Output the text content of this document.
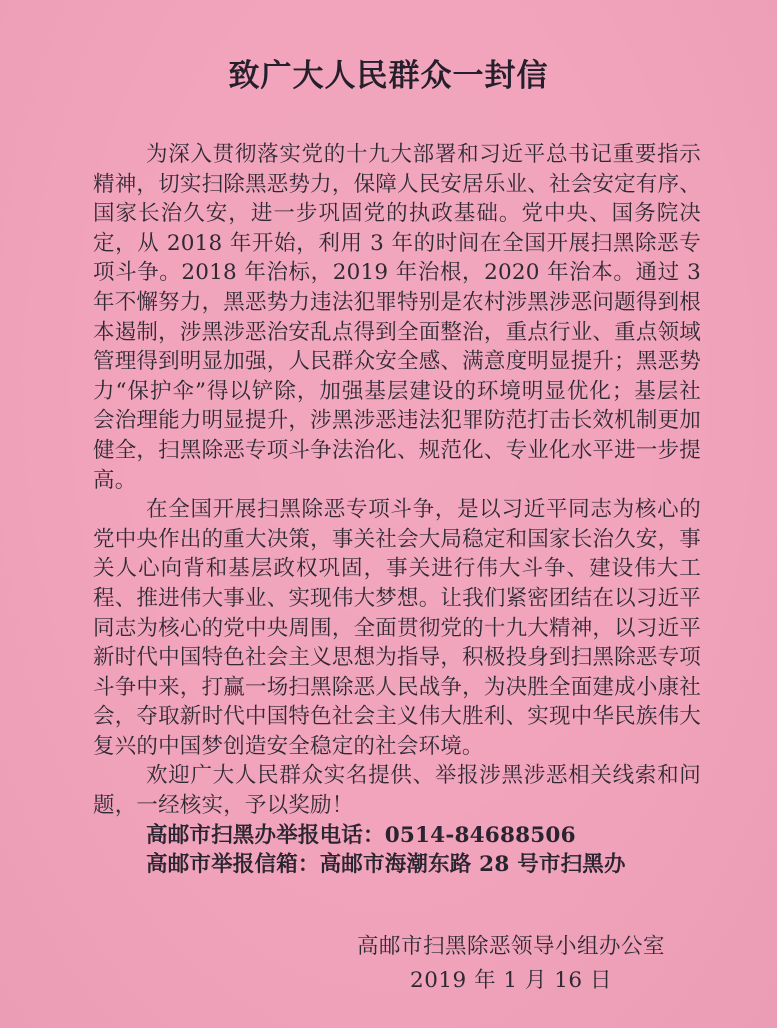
致广大人民群众一封信

为深入贯彻落实党的十九大部署和习近平总书记重要指示精神，切实扫除黑恶势力，保障人民安居乐业、社会安定有序、国家长治久安，进一步巩固党的执政基础。党中央、国务院决定，从 2018 年开始，利用 3 年的时间在全国开展扫黑除恶专项斗争。2018 年治标，2019 年治根，2020 年治本。通过 3 年不懈努力，黑恶势力违法犯罪特别是农村涉黑涉恶问题得到根本遏制，涉黑涉恶治安乱点得到全面整治，重点行业、重点领域管理得到明显加强，人民群众安全感、满意度明显提升；黑恶势力“保护伞”得以铲除，加强基层建设的环境明显优化；基层社会治理能力明显提升，涉黑涉恶违法犯罪防范打击长效机制更加健全，扫黑除恶专项斗争法治化、规范化、专业化水平进一步提高。

在全国开展扫黑除恶专项斗争，是以习近平同志为核心的党中央作出的重大决策，事关社会大局稳定和国家长治久安，事关人心向背和基层政权巩固，事关进行伟大斗争、建设伟大工程、推进伟大事业、实现伟大梦想。让我们紧密团结在以习近平同志为核心的党中央周围，全面贯彻党的十九大精神，以习近平新时代中国特色社会主义思想为指导，积极投身到扫黑除恶专项斗争中来，打赢一场扫黑除恶人民战争，为决胜全面建成小康社会，夺取新时代中国特色社会主义伟大胜利、实现中华民族伟大复兴的中国梦创造安全稳定的社会环境。

欢迎广大人民群众实名提供、举报涉黑涉恶相关线索和问题，一经核实，予以奖励！

高邮市扫黑办举报电话：0514-84688506

高邮市举报信箱：高邮市海潮东路 28 号市扫黑办

高邮市扫黑除恶领导小组办公室

2019 年 1 月 16 日
